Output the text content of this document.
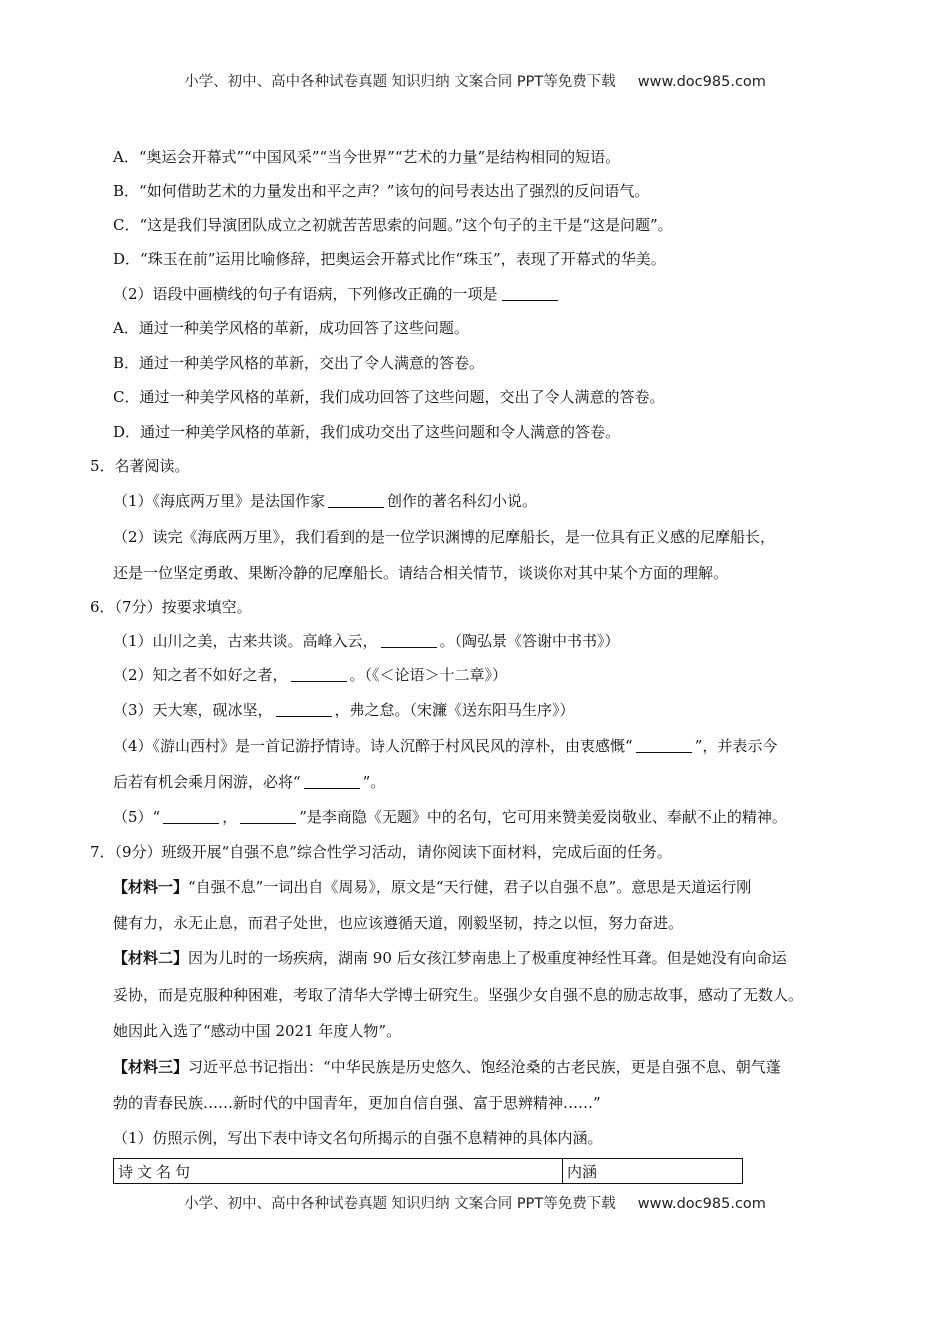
小学、初中、高中各种试卷真题 知识归纳 文案合同 PPT等免费下载 www.doc985.com
A．“奥运会开幕式”“中国风采”“当今世界”“艺术的力量”是结构相同的短语。
B．“如何借助艺术的力量发出和平之声？”该句的问号表达出了强烈的反问语气。
C．“这是我们导演团队成立之初就苦苦思索的问题。”这个句子的主干是“这是问题”。
D．“珠玉在前”运用比喻修辞，把奥运会开幕式比作“珠玉”，表现了开幕式的华美。
（2）语段中画横线的句子有语病，下列修改正确的一项是
A．通过一种美学风格的革新，成功回答了这些问题。
B．通过一种美学风格的革新，交出了令人满意的答卷。
C．通过一种美学风格的革新，我们成功回答了这些问题，交出了令人满意的答卷。
D．通过一种美学风格的革新，我们成功交出了这些问题和令人满意的答卷。
5．名著阅读。
（1）《海底两万里》是法国作家	创作的著名科幻小说。
（2）读完《海底两万里》，我们看到的是一位学识渊博的尼摩船长，是一位具有正义感的尼摩船长，
还是一位坚定勇敢、果断冷静的尼摩船长。请结合相关情节，谈谈你对其中某个方面的理解。
6．（7分）按要求填空。
（1）山川之美，古来共谈。高峰入云，	。（陶弘景《答谢中书书》）
（2）知之者不如好之者，	。（《＜论语＞十二章》）
（3）天大寒，砚冰坚，	，弗之怠。（宋濂《送东阳马生序》）
（4）《游山西村》是一首记游抒情诗。诗人沉醉于村风民风的淳朴，由衷感慨“	”，并表示今
后若有机会乘月闲游，必将“	”。
（5）“	，	”是李商隐《无题》中的名句，它可用来赞美爱岗敬业、奉献不止的精神。
7．（9分）班级开展“自强不息”综合性学习活动，请你阅读下面材料，完成后面的任务。
【材料一】“自强不息”一词出自《周易》，原文是“天行健，君子以自强不息”。意思是天道运行刚
健有力，永无止息，而君子处世，也应该遵循天道，刚毅坚韧，持之以恒，努力奋进。
【材料二】因为儿时的一场疾病，湖南 90 后女孩江梦南患上了极重度神经性耳聋。但是她没有向命运
妥协，而是克服种种困难，考取了清华大学博士研究生。坚强少女自强不息的励志故事，感动了无数人。
她因此入选了“感动中国 2021 年度人物”。
【材料三】习近平总书记指出：“中华民族是历史悠久、饱经沧桑的古老民族，更是自强不息、朝气蓬
勃的青春民族……新时代的中国青年，更加自信自强、富于思辨精神……”
（1）仿照示例，写出下表中诗文名句所揭示的自强不息精神的具体内涵。
诗文名句	内涵
小学、初中、高中各种试卷真题 知识归纳 文案合同 PPT等免费下载 www.doc985.com
